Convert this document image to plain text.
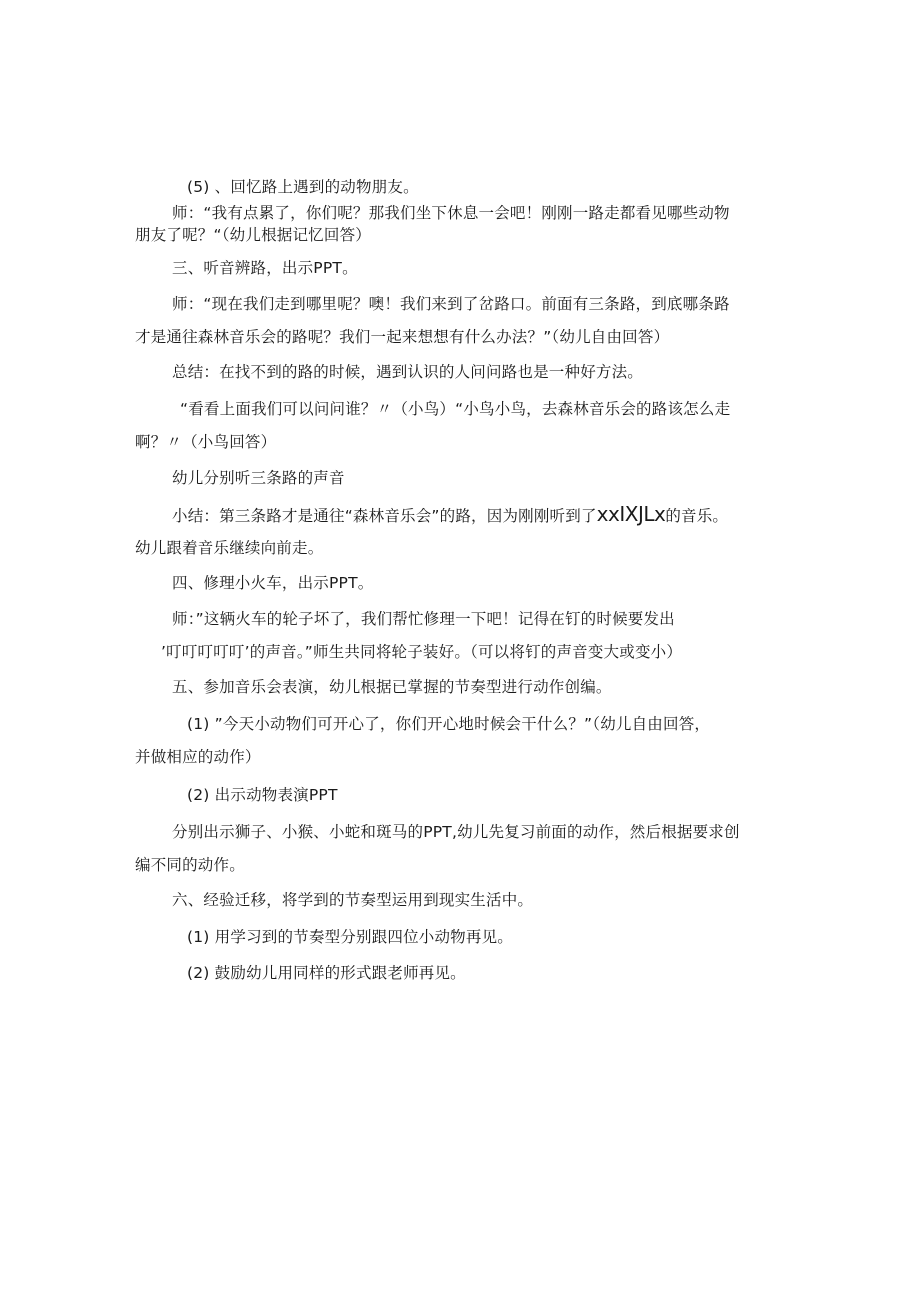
(5) 、回忆路上遇到的动物朋友。
师：“我有点累了，你们呢？那我们坐下休息一会吧！刚刚一路走都看见哪些动物
朋友了呢？“（幼儿根据记忆回答）
三、听音辨路，出示PPT。
师：“现在我们走到哪里呢？噢！我们来到了岔路口。前面有三条路，到底哪条路
才是通往森林音乐会的路呢？我们一起来想想有什么办法？”（幼儿自由回答）
总结：在找不到的路的时候，遇到认识的人问问路也是一种好方法。
“看看上面我们可以问问谁？〃（小鸟）“小鸟小鸟，去森林音乐会的路该怎么走
啊？〃（小鸟回答）
幼儿分别听三条路的声音
小结：第三条路才是通往“森林音乐会”的路，因为刚刚听到了xxIXJLx的音乐。
幼儿跟着音乐继续向前走。
四、修理小火车，出示PPT。
师：”这辆火车的轮子坏了，我们帮忙修理一下吧！记得在钉的时候要发出
’叮叮叮叮叮’的声音。”师生共同将轮子装好。（可以将钉的声音变大或变小）
五、参加音乐会表演，幼儿根据已掌握的节奏型进行动作创编。
(1) ”今天小动物们可开心了，你们开心地时候会干什么？”（幼儿自由回答，
并做相应的动作）
(2) 出示动物表演PPT
分别出示狮子、小猴、小蛇和斑马的PPT,幼儿先复习前面的动作，然后根据要求创
编不同的动作。
六、经验迁移，将学到的节奏型运用到现实生活中。
(1) 用学习到的节奏型分别跟四位小动物再见。
(2) 鼓励幼儿用同样的形式跟老师再见。
